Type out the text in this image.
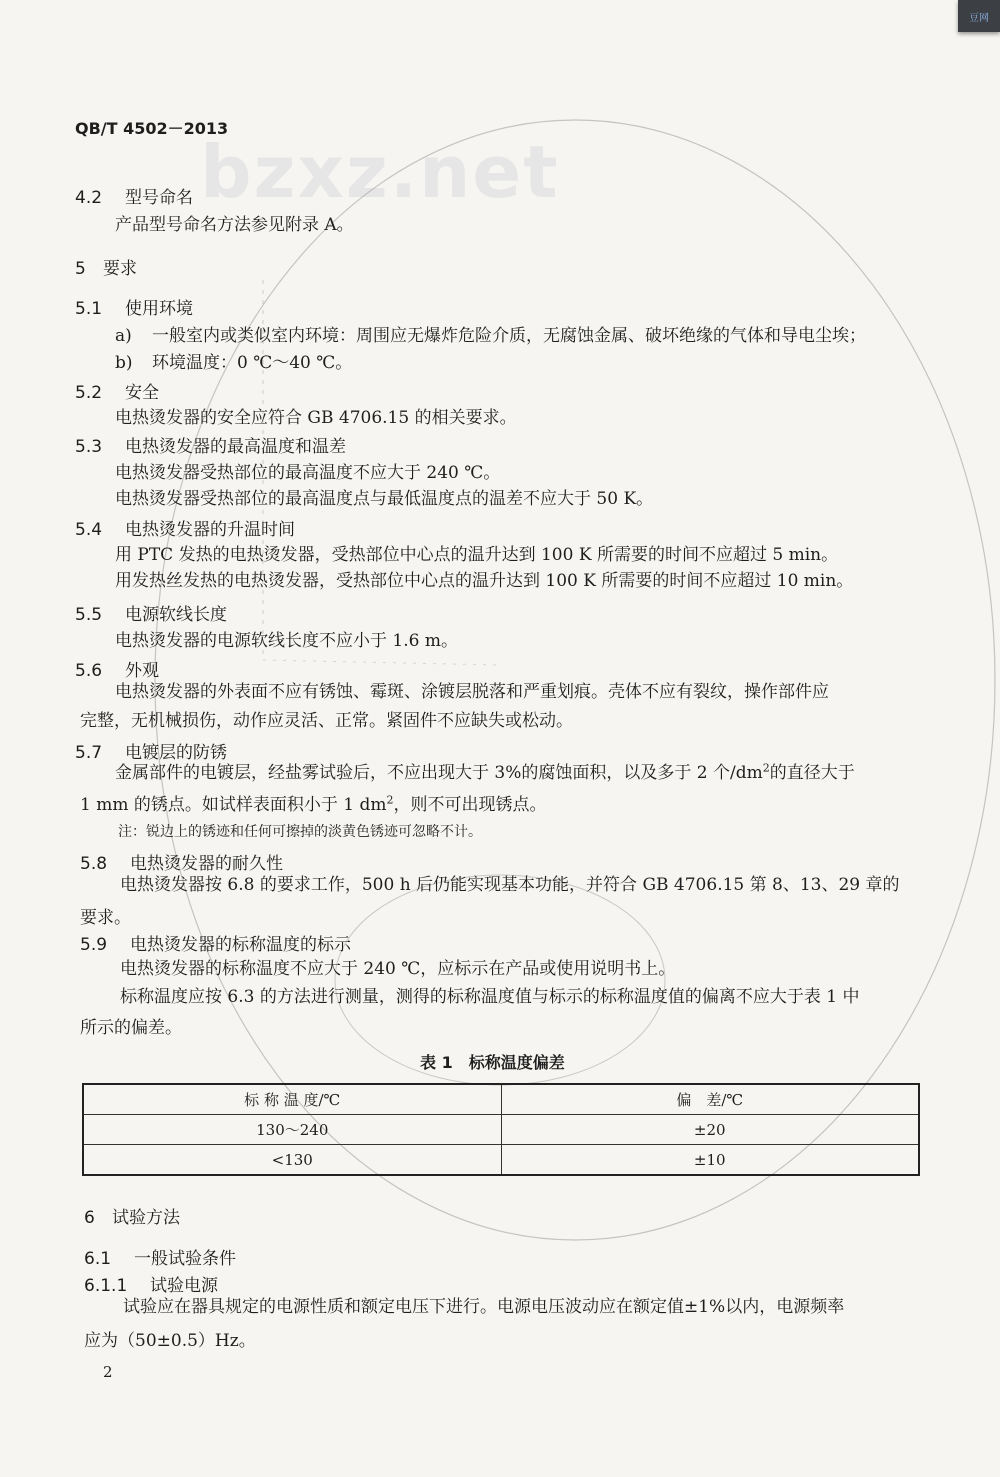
豆网
bzxz.net
QB/T 4502－2013
4.2 型号命名
产品型号命名方法参见附录 A。
5 要求
5.1 使用环境
a) 一般室内或类似室内环境：周围应无爆炸危险介质，无腐蚀金属、破坏绝缘的气体和导电尘埃；
b) 环境温度：0 ℃～40 ℃。
5.2 安全
电热烫发器的安全应符合 GB 4706.15 的相关要求。
5.3 电热烫发器的最高温度和温差
电热烫发器受热部位的最高温度不应大于 240 ℃。
电热烫发器受热部位的最高温度点与最低温度点的温差不应大于 50 K。
5.4 电热烫发器的升温时间
用 PTC 发热的电热烫发器，受热部位中心点的温升达到 100 K 所需要的时间不应超过 5 min。
用发热丝发热的电热烫发器，受热部位中心点的温升达到 100 K 所需要的时间不应超过 10 min。
5.5 电源软线长度
电热烫发器的电源软线长度不应小于 1.6 m。
5.6 外观
电热烫发器的外表面不应有锈蚀、霉斑、涂镀层脱落和严重划痕。壳体不应有裂纹，操作部件应
完整，无机械损伤，动作应灵活、正常。紧固件不应缺失或松动。
5.7 电镀层的防锈
金属部件的电镀层，经盐雾试验后，不应出现大于 3%的腐蚀面积，以及多于 2 个$/dm^2$的直径大于
1 mm 的锈点。如试样表面积小于 1 $dm^2$，则不可出现锈点。
注：锐边上的锈迹和任何可擦掉的淡黄色锈迹可忽略不计。
5.8 电热烫发器的耐久性
电热烫发器按 6.8 的要求工作，500 h 后仍能实现基本功能，并符合 GB 4706.15 第 8、13、29 章的
要求。
5.9 电热烫发器的标称温度的标示
电热烫发器的标称温度不应大于 240 ℃，应标示在产品或使用说明书上。
标称温度应按 6.3 的方法进行测量，测得的标称温度值与标示的标称温度值的偏离不应大于表 1 中
所示的偏差。
表 1　标称温度偏差
标 称 温 度/℃	偏　差/℃
130～240	±20
<130	±10
6 试验方法
6.1 一般试验条件
6.1.1 试验电源
试验应在器具规定的电源性质和额定电压下进行。电源电压波动应在额定值±1%以内，电源频率
应为（50±0.5）Hz。
2
